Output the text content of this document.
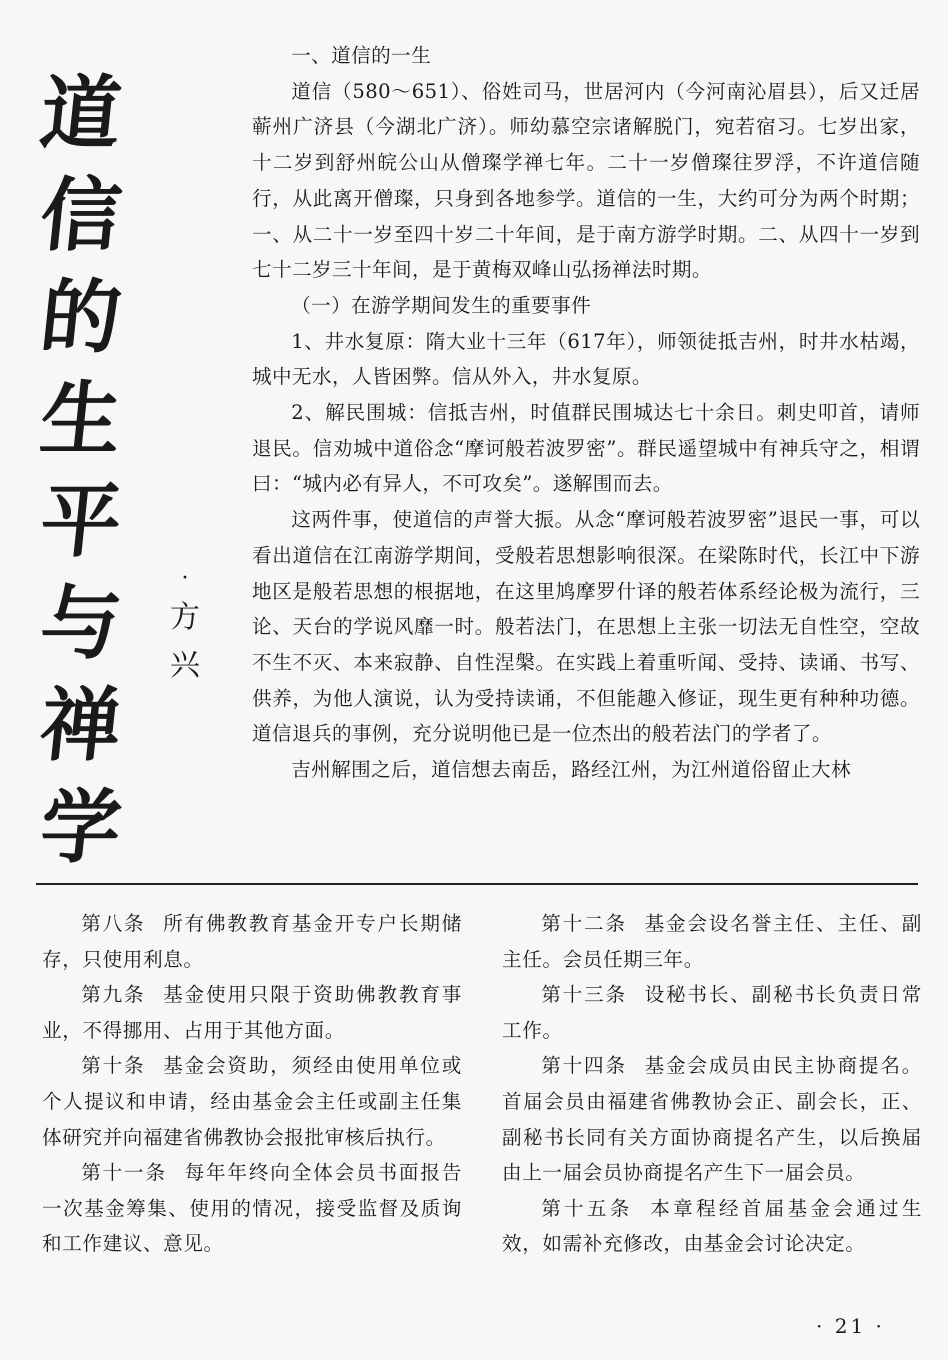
道
信
的
生
平
与
禅
学
·
方
兴

一、道信的一生

道信（580～651）、俗姓司马，世居河内（今河南沁眉县），后又迁居蕲州广济县（今湖北广济）。师幼慕空宗诸解脱门，宛若宿习。七岁出家，十二岁到舒州皖公山从僧璨学禅七年。二十一岁僧璨往罗浮，不许道信随行，从此离开僧璨，只身到各地参学。道信的一生，大约可分为两个时期；一、从二十一岁至四十岁二十年间，是于南方游学时期。二、从四十一岁到七十二岁三十年间，是于黄梅双峰山弘扬禅法时期。

（一）在游学期间发生的重要事件

1、井水复原：隋大业十三年（617年），师领徒抵吉州，时井水枯竭，城中无水，人皆困弊。信从外入，井水复原。

2、解民围城：信抵吉州，时值群民围城达七十余日。刺史叩首，请师退民。信劝城中道俗念“摩诃般若波罗密”。群民遥望城中有神兵守之，相谓曰：“城内必有异人，不可攻矣”。遂解围而去。

这两件事，使道信的声誉大振。从念“摩诃般若波罗密”退民一事，可以看出道信在江南游学期间，受般若思想影响很深。在梁陈时代，长江中下游地区是般若思想的根据地，在这里鸠摩罗什译的般若体系经论极为流行，三论、天台的学说风靡一时。般若法门，在思想上主张一切法无自性空，空故不生不灭、本来寂静、自性涅槃。在实践上着重听闻、受持、读诵、书写、供养，为他人演说，认为受持读诵，不但能趣入修证，现生更有种种功德。道信退兵的事例，充分说明他已是一位杰出的般若法门的学者了。

吉州解围之后，道信想去南岳，路经江州，为江州道俗留止大林

第八条 所有佛教教育基金开专户长期储存，只使用利息。

第九条 基金使用只限于资助佛教教育事业，不得挪用、占用于其他方面。

第十条 基金会资助，须经由使用单位或个人提议和申请，经由基金会主任或副主任集体研究并向福建省佛教协会报批审核后执行。

第十一条 每年年终向全体会员书面报告一次基金筹集、使用的情况，接受监督及质询和工作建议、意见。

第十二条 基金会设名誉主任、主任、副主任。会员任期三年。

第十三条 设秘书长、副秘书长负责日常工作。

第十四条 基金会成员由民主协商提名。首届会员由福建省佛教协会正、副会长，正、副秘书长同有关方面协商提名产生，以后换届由上一届会员协商提名产生下一届会员。

第十五条 本章程经首届基金会通过生效，如需补充修改，由基金会讨论决定。

· 21 ·
